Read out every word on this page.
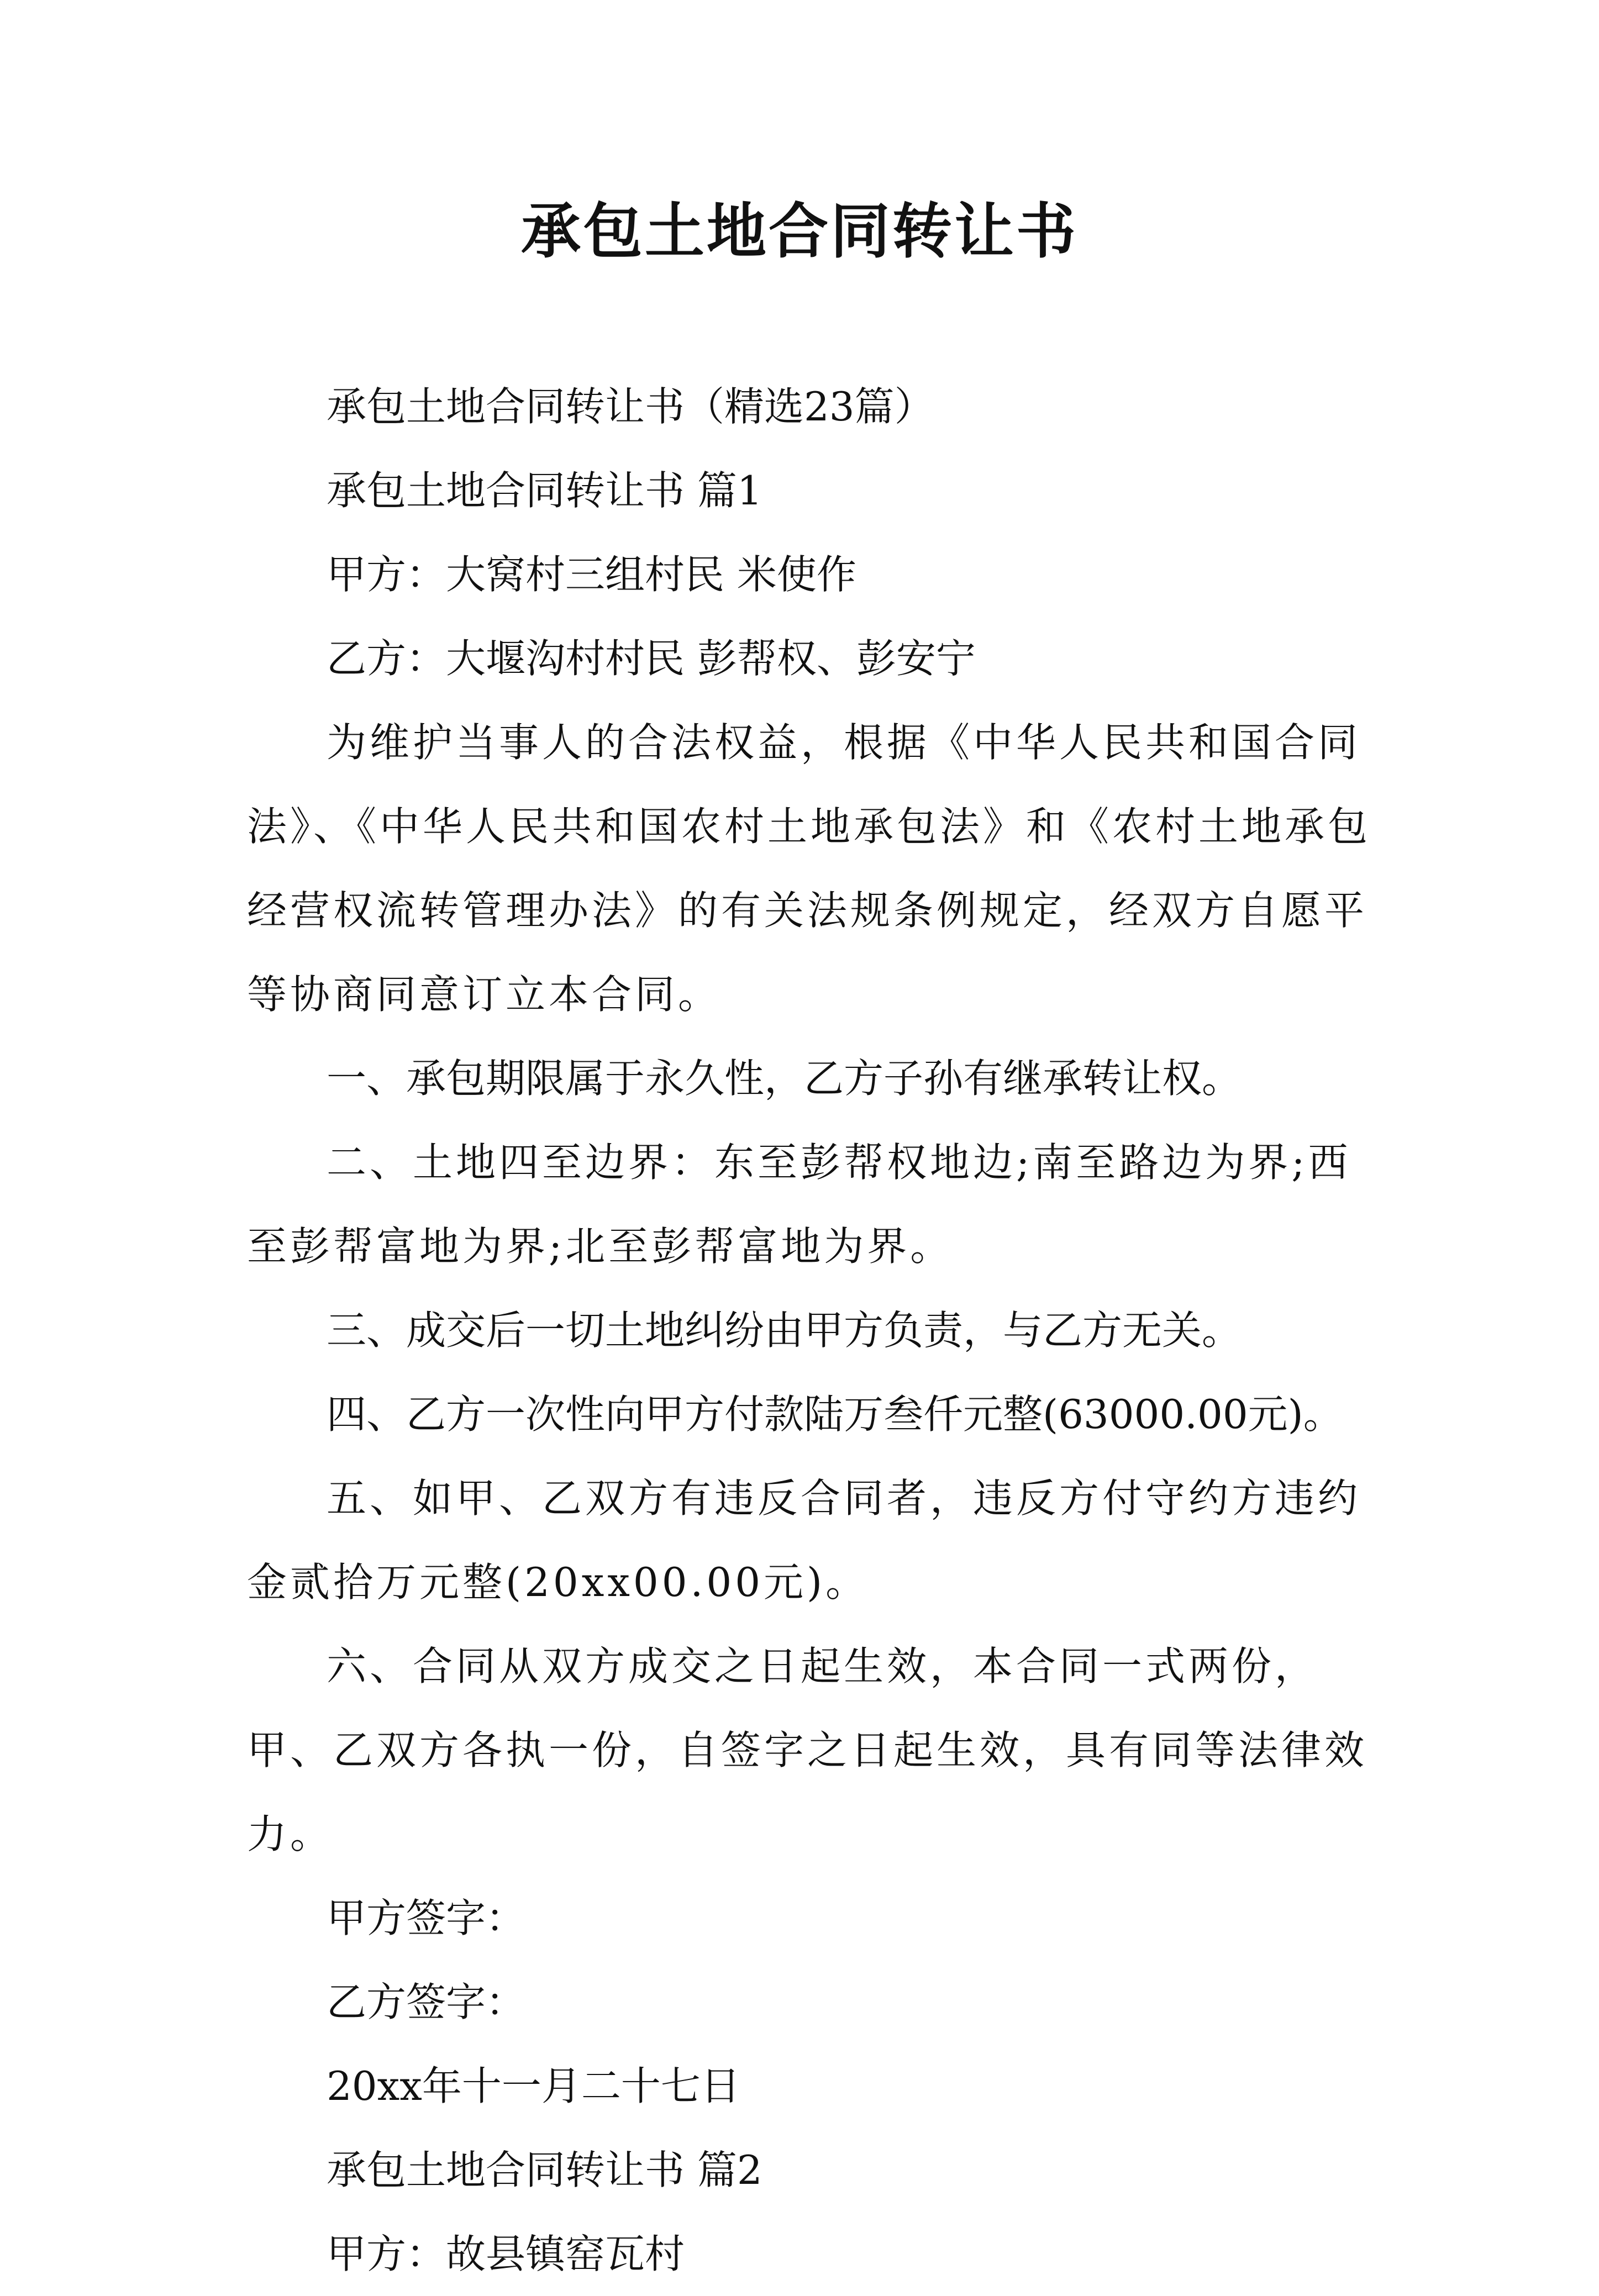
承包土地合同转让书

承包土地合同转让书（精选23篇）

承包土地合同转让书 篇1

甲方：大窝村三组村民 米使作

乙方：大堰沟村村民 彭帮权、彭安宁

为维护当事人的合法权益，根据《中华人民共和国合同法》、《中华人民共和国农村土地承包法》和《农村土地承包经营权流转管理办法》的有关法规条例规定，经双方自愿平等协商同意订立本合同。

一、承包期限属于永久性，乙方子孙有继承转让权。

二、土地四至边界：东至彭帮权地边;南至路边为界;西至彭帮富地为界;北至彭帮富地为界。

三、成交后一切土地纠纷由甲方负责，与乙方无关。

四、乙方一次性向甲方付款陆万叁仟元整(63000.00元)。

五、如甲、乙双方有违反合同者，违反方付守约方违约金贰拾万元整(20xx00.00元)。

六、合同从双方成交之日起生效，本合同一式两份，甲、乙双方各执一份，自签字之日起生效，具有同等法律效力。

甲方签字：

乙方签字：

20xx年十一月二十七日

承包土地合同转让书 篇2

甲方：故县镇窑瓦村
